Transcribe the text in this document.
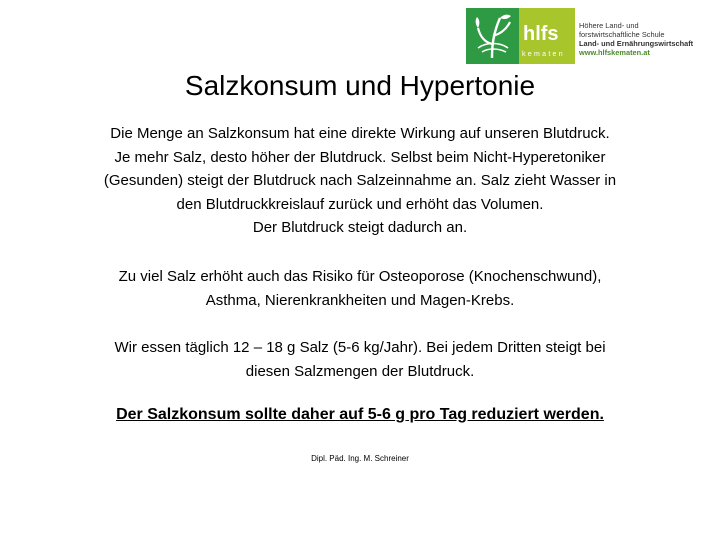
hlfs
kematen
Höhere Land- und
forstwirtschaftliche Schule
Land- und Ernährungswirtschaft
www.hlfskematen.at
Salzkonsum und Hypertonie
Die Menge an Salzkonsum hat eine direkte Wirkung auf unseren Blutdruck.
Je mehr Salz, desto höher der Blutdruck. Selbst beim Nicht-Hyperetoniker
(Gesunden) steigt der Blutdruck nach Salzeinnahme an. Salz zieht Wasser in
den Blutdruckkreislauf zurück und erhöht das Volumen.
Der Blutdruck steigt dadurch an.
Zu viel Salz erhöht auch das Risiko für Osteoporose (Knochenschwund),
Asthma, Nierenkrankheiten und Magen-Krebs.
Wir essen täglich 12 – 18 g Salz (5-6 kg/Jahr). Bei jedem Dritten steigt bei
diesen Salzmengen der Blutdruck.
Der Salzkonsum sollte daher auf 5-6 g pro Tag reduziert werden.
Dipl. Päd. Ing. M. Schreiner
